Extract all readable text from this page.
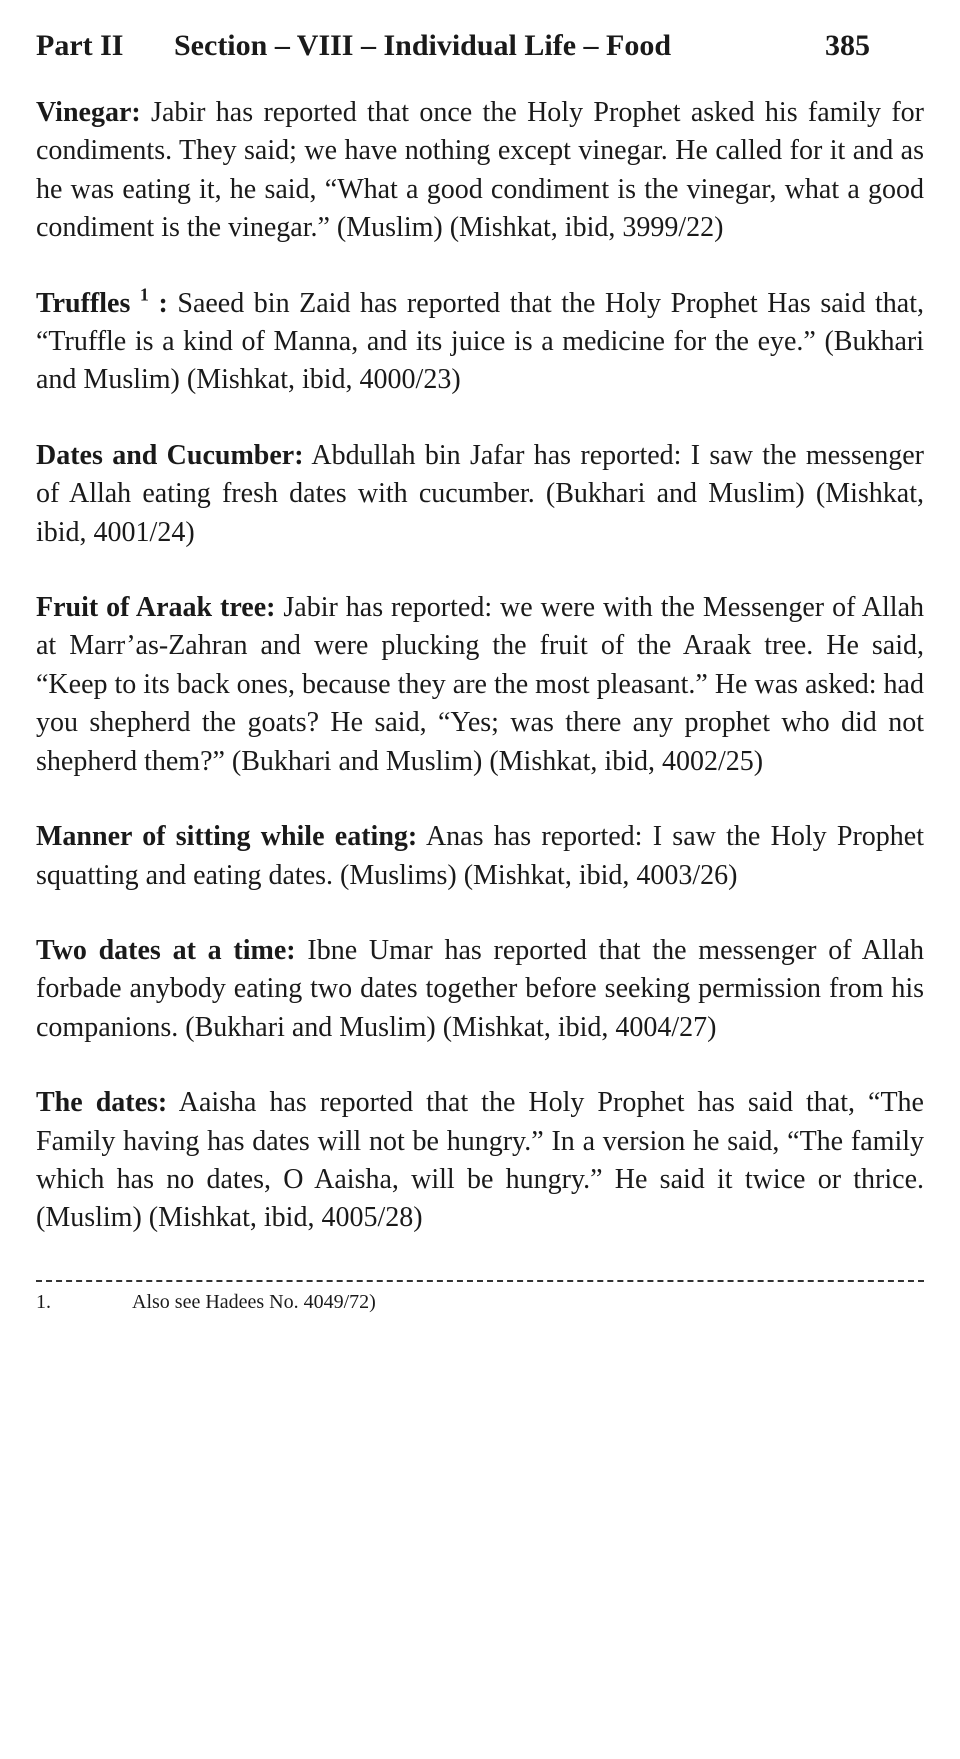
Part II	Section – VIII – Individual Life – Food	385

Vinegar: Jabir has reported that once the Holy Prophet asked his family for condiments. They said; we have nothing except vinegar. He called for it and as he was eating it, he said, “What a good condiment is the vinegar, what a good condiment is the vinegar.” (Muslim) (Mishkat, ibid, 3999/22)

Truffles $^1$ : Saeed bin Zaid has reported that the Holy Prophet Has said that, “Truffle is a kind of Manna, and its juice is a medicine for the eye.” (Bukhari and Muslim) (Mishkat, ibid, 4000/23)

Dates and Cucumber: Abdullah bin Jafar has reported: I saw the messenger of Allah eating fresh dates with cucumber. (Bukhari and Muslim) (Mishkat, ibid, 4001/24)

Fruit of Araak tree: Jabir has reported: we were with the Messenger of Allah at Marr’as-Zahran and were plucking the fruit of the Araak tree. He said, “Keep to its back ones, because they are the most pleasant.” He was asked: had you shepherd the goats? He said, “Yes; was there any prophet who did not shepherd them?” (Bukhari and Muslim) (Mishkat, ibid, 4002/25)

Manner of sitting while eating: Anas has reported: I saw the Holy Prophet squatting and eating dates. (Muslims) (Mishkat, ibid, 4003/26)

Two dates at a time: Ibne Umar has reported that the messenger of Allah forbade anybody eating two dates together before seeking permission from his companions. (Bukhari and Muslim) (Mishkat, ibid, 4004/27)

The dates: Aaisha has reported that the Holy Prophet has said that, “The Family having has dates will not be hungry.” In a version he said, “The family which has no dates, O Aaisha, will be hungry.” He said it twice or thrice. (Muslim) (Mishkat, ibid, 4005/28)

1.	Also see Hadees No. 4049/72)
